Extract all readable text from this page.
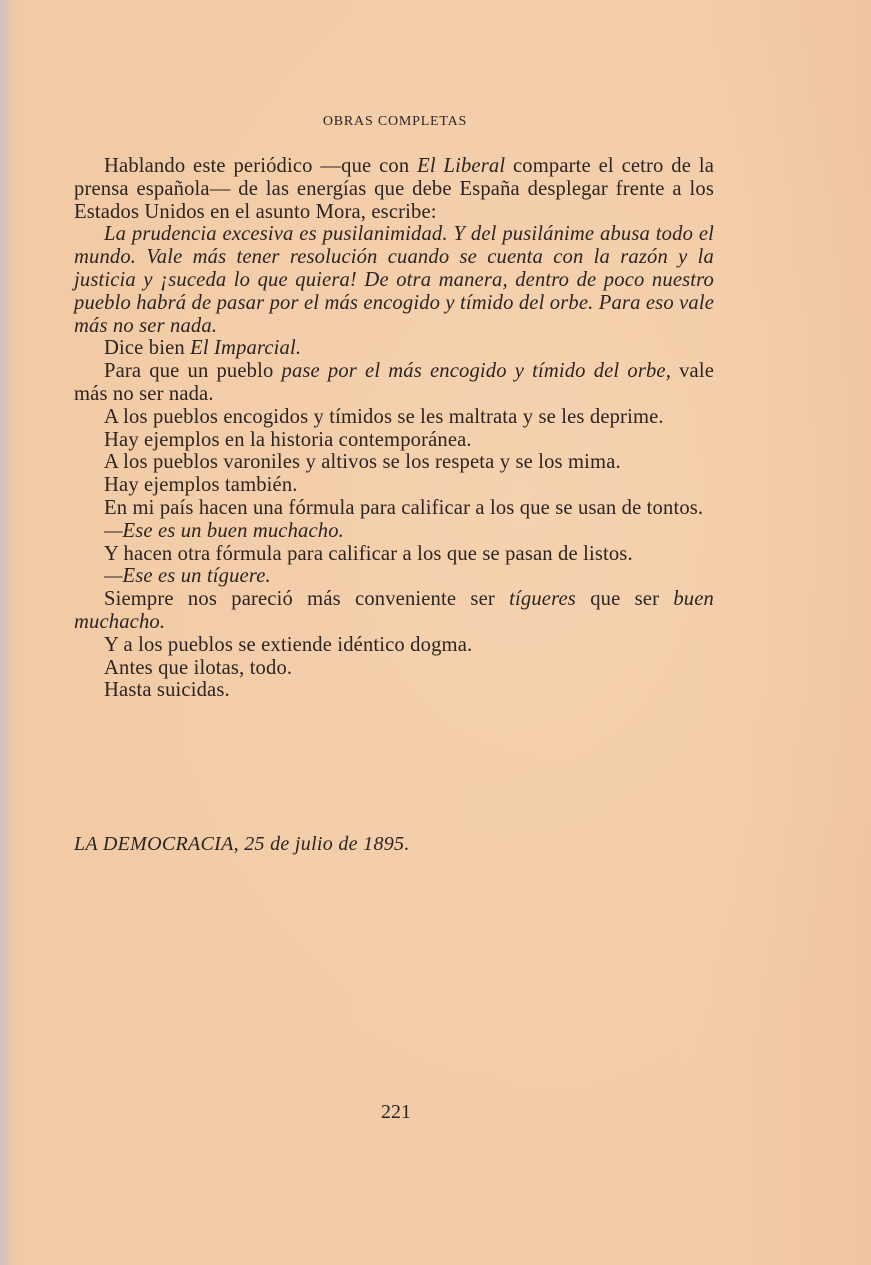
OBRAS COMPLETAS

Hablando este periódico —que con El Liberal comparte el cetro de la prensa española— de las energías que debe España desplegar frente a los Estados Unidos en el asunto Mora, escribe:

La prudencia excesiva es pusilanimidad. Y del pusilánime abusa todo el mundo. Vale más tener resolución cuando se cuenta con la razón y la justicia y ¡suceda lo que quiera! De otra manera, dentro de poco nuestro pueblo habrá de pasar por el más encogido y tímido del orbe. Para eso vale más no ser nada.

Dice bien El Imparcial.

Para que un pueblo pase por el más encogido y tímido del orbe, vale más no ser nada.

A los pueblos encogidos y tímidos se les maltrata y se les deprime.

Hay ejemplos en la historia contemporánea.

A los pueblos varoniles y altivos se los respeta y se los mima.

Hay ejemplos también.

En mi país hacen una fórmula para calificar a los que se usan de tontos.

—Ese es un buen muchacho.

Y hacen otra fórmula para calificar a los que se pasan de listos.

—Ese es un tíguere.

Siempre nos pareció más conveniente ser tígueres que ser buen muchacho.

Y a los pueblos se extiende idéntico dogma.

Antes que ilotas, todo.

Hasta suicidas.

LA DEMOCRACIA, 25 de julio de 1895.
221
